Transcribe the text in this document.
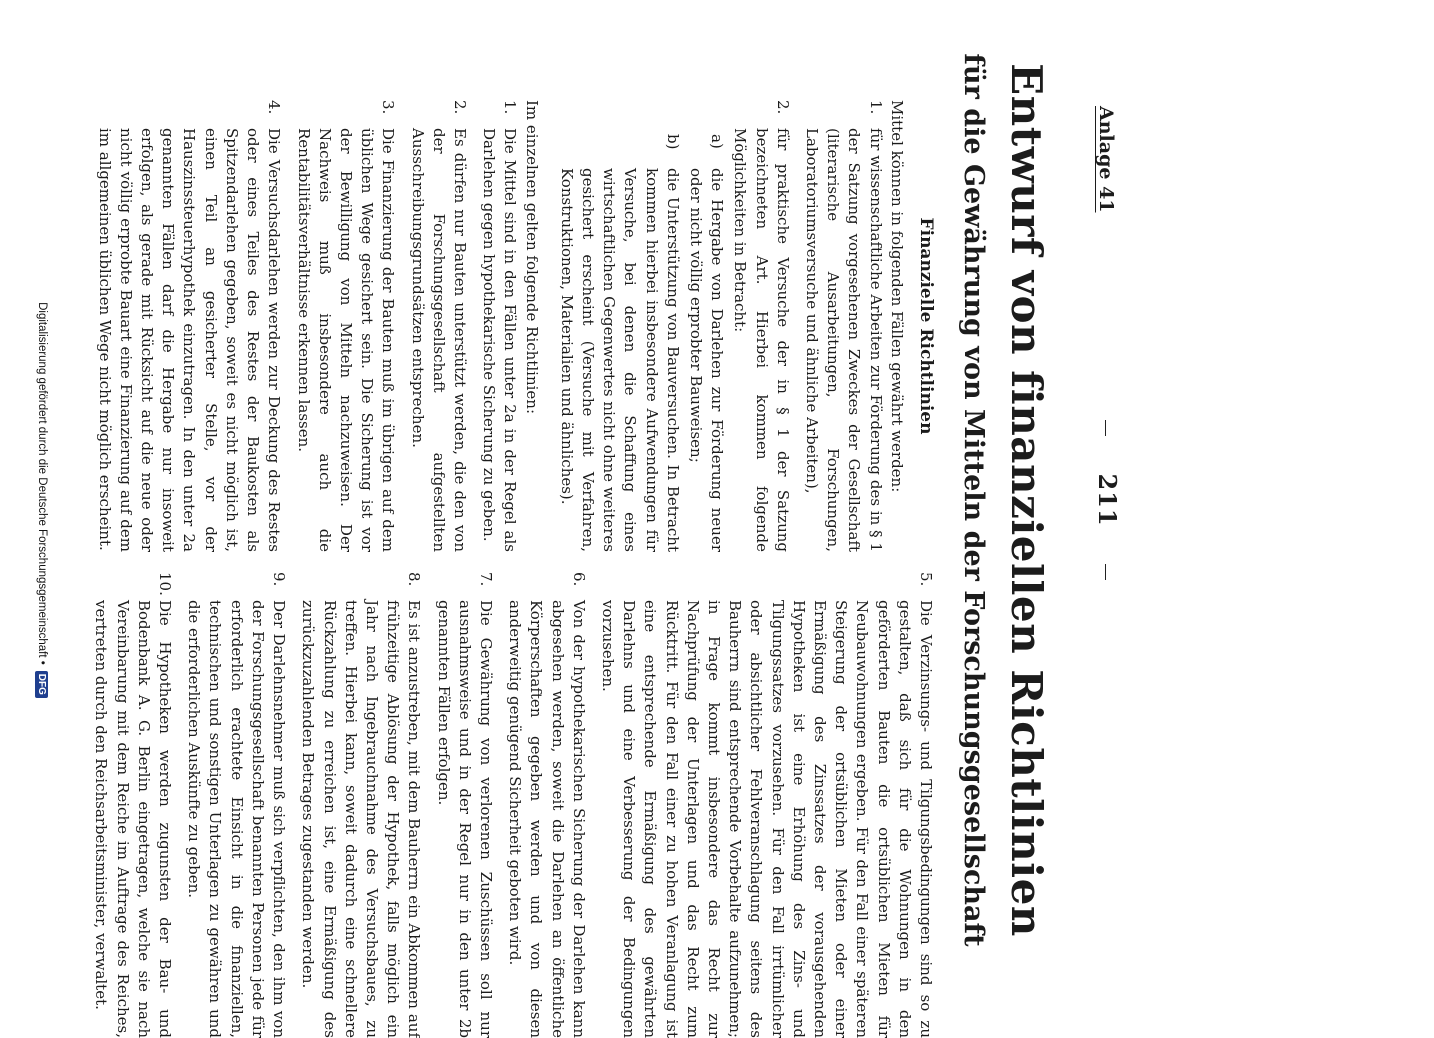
211
Anlage 41
Entwurf von finanziellen Richtlinien
für die Gewährung von Mitteln der Forschungsgesellschaft
Finanzielle Richtlinien

Mittel können in folgenden Fällen gewährt werden:

1.
für wissenschaftliche Arbeiten zur Förderung des in § 1 der Satzung vorgesehenen Zweckes der Gesellschaft (literarische Ausarbeitungen, Forschungen, Laboratoriumsversuche und ähnliche Arbeiten),
2.
für praktische Versuche der in § 1 der Satzung bezeichneten Art. Hierbei kommen folgende Möglichkeiten in Betracht:
a)
die Hergabe von Darlehen zur Förderung neuer oder nicht völlig erprobter Bauweisen;
b)
die Unterstützung von Bauversuchen. In Betracht kommen hierbei insbesondere Aufwendungen für Versuche, bei denen die Schaffung eines wirtschaftlichen Gegenwertes nicht ohne weiteres gesichert erscheint (Versuche mit Verfahren, Konstruktionen, Materialien und ähnliches).

Im einzelnen gelten folgende Richtlinien:

1.
Die Mittel sind in den Fällen unter 2a in der Regel als Darlehen gegen hypothekarische Sicherung zu geben.
2.
Es dürfen nur Bauten unterstützt werden, die den von der Forschungsgesellschaft aufgestellten Ausschreibungsgrundsätzen entsprechen.
3.
Die Finanzierung der Bauten muß im übrigen auf dem üblichen Wege gesichert sein. Die Sicherung ist vor der Bewilligung von Mitteln nachzuweisen. Der Nachweis muß insbesondere auch die Rentabilitätsverhältnisse erkennen lassen.
4.
Die Versuchsdarlehen werden zur Deckung des Restes oder eines Teiles des Restes der Baukosten als Spitzendarlehen gegeben, soweit es nicht möglich ist, einen Teil an gesicherter Stelle, vor der Hauszinssteuerhypothek einzutragen. In den unter 2a genannten Fällen darf die Hergabe nur insoweit erfolgen, als gerade mit Rücksicht auf die neue oder nicht völlig erprobte Bauart eine Finanzierung auf dem im allgemeinen üblichen Wege nicht möglich erscheint.
5.
Die Verzinsungs- und Tilgungsbedingungen sind so zu gestalten, daß sich für die Wohnungen in den geförderten Bauten die ortsüblichen Mieten für Neubauwohnungen ergeben. Für den Fall einer späteren Steigerung der ortsüblichen Mieten oder einer Ermäßigung des Zinssatzes der vorausgehenden Hypotheken ist eine Erhöhung des Zins- und Tilgungssatzes vorzusehen. Für den Fall irrtümlicher oder absichtlicher Fehlveranschlagung seitens des Bauherrn sind entsprechende Vorbehalte aufzunehmen; in Frage kommt insbesondere das Recht zur Nachprüfung der Unterlagen und das Recht zum Rücktritt. Für den Fall einer zu hohen Veranlagung ist eine entsprechende Ermäßigung des gewährten Darlehns und eine Verbesserung der Bedingungen vorzusehen.
6.
Von der hypothekarischen Sicherung der Darlehen kann abgesehen werden, soweit die Darlehen an öffentliche Körperschaften gegeben werden und von diesen anderweitig genügend Sicherheit geboten wird.
7.
Die Gewährung von verlorenen Zuschüssen soll nur ausnahmsweise und in der Regel nur in den unter 2b genannten Fällen erfolgen.
8.
Es ist anzustreben, mit dem Bauherrn ein Abkommen auf frühzeitige Ablösung der Hypothek, falls möglich ein Jahr nach Ingebrauchnahme des Versuchsbaues, zu treffen. Hierbei kann, soweit dadurch eine schnellere Rückzahlung zu erreichen ist, eine Ermäßigung des zurückzuzahlenden Betrages zugestanden werden.
9.
Der Darlehnsnehmer muß sich verpflichten, den ihm von der Forschungsgesellschaft benannten Personen jede für erforderlich erachtete Einsicht in die finanziellen, technischen und sonstigen Unterlagen zu gewähren und die erforderlichen Auskünfte zu geben.
10.
Die Hypotheken werden zugunsten der Bau- und Bodenbank A. G. Berlin eingetragen, welche sie nach Vereinbarung mit dem Reiche im Auftrage des Reiches, vertreten durch den Reichsarbeitsminister, verwaltet.
Digitalisierung gefördert durch die Deutsche Forschungsgemeinschaft •
DFG
